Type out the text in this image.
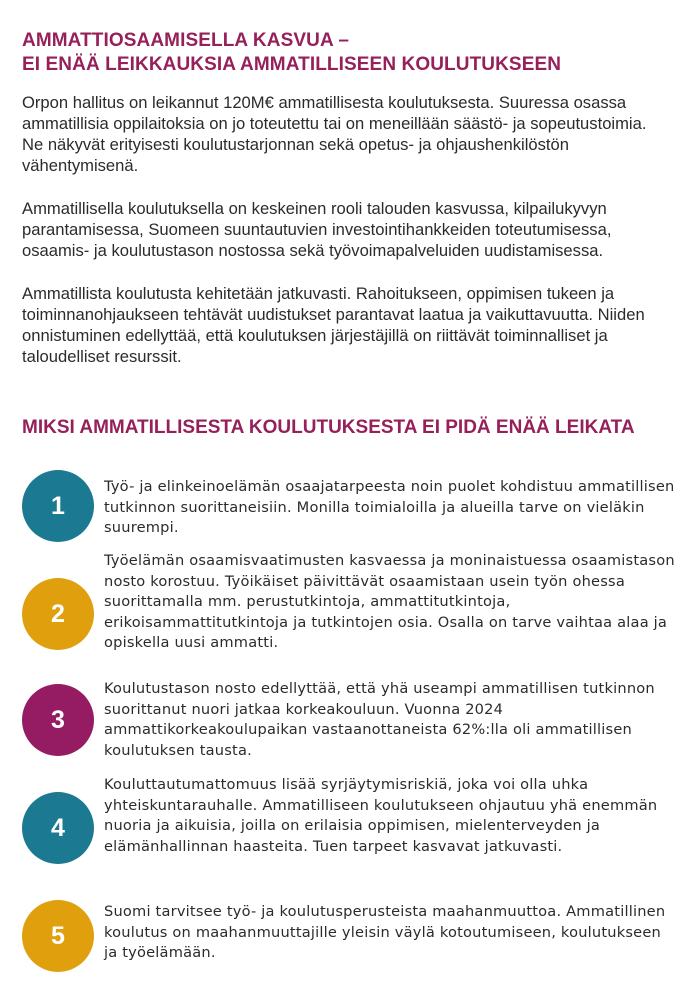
AMMATTIOSAAMISELLA KASVUA –
EI ENÄÄ LEIKKAUKSIA AMMATILLISEEN KOULUTUKSEEN

Orpon hallitus on leikannut 120M€ ammatillisesta koulutuksesta. Suuressa osassa ammatillisia oppilaitoksia on jo toteutettu tai on meneillään säästö- ja sopeutustoimia. Ne näkyvät erityisesti koulutustarjonnan sekä opetus- ja ohjaushenkilöstön vähentymisenä.

Ammatillisella koulutuksella on keskeinen rooli talouden kasvussa, kilpailukyvyn parantamisessa, Suomeen suuntautuvien investointihankkeiden toteutumisessa, osaamis- ja koulutustason nostossa sekä työvoimapalveluiden uudistamisessa.

Ammatillista koulutusta kehitetään jatkuvasti. Rahoitukseen, oppimisen tukeen ja toiminnanohjaukseen tehtävät uudistukset parantavat laatua ja vaikuttavuutta. Niiden onnistuminen edellyttää, että koulutuksen järjestäjillä on riittävät toiminnalliset ja taloudelliset resurssit.

MIKSI AMMATILLISESTA KOULUTUKSESTA EI PIDÄ ENÄÄ LEIKATA
1

Työ- ja elinkeinoelämän osaajatarpeesta noin puolet kohdistuu ammatillisen tutkinnon suorittaneisiin. Monilla toimialoilla ja alueilla tarve on vieläkin suurempi.

2

Työelämän osaamisvaatimusten kasvaessa ja moninaistuessa osaamistason nosto korostuu. Työikäiset päivittävät osaamistaan usein työn ohessa suorittamalla mm. perustutkintoja, ammattitutkintoja, erikoisammattitutkintoja ja tutkintojen osia. Osalla on tarve vaihtaa alaa ja opiskella uusi ammatti.

3

Koulutustason nosto edellyttää, että yhä useampi ammatillisen tutkinnon suorittanut nuori jatkaa korkeakouluun. Vuonna 2024 ammattikorkeakoulupaikan vastaanottaneista 62%:lla oli ammatillisen koulutuksen tausta.

4

Kouluttautumattomuus lisää syrjäytymisriskiä, joka voi olla uhka yhteiskuntarauhalle. Ammatilliseen koulutukseen ohjautuu yhä enemmän nuoria ja aikuisia, joilla on erilaisia oppimisen, mielenterveyden ja elämänhallinnan haasteita. Tuen tarpeet kasvavat jatkuvasti.

5

Suomi tarvitsee työ- ja koulutusperusteista maahanmuuttoa. Ammatillinen koulutus on maahanmuuttajille yleisin väylä kotoutumiseen, koulutukseen ja työelämään.
